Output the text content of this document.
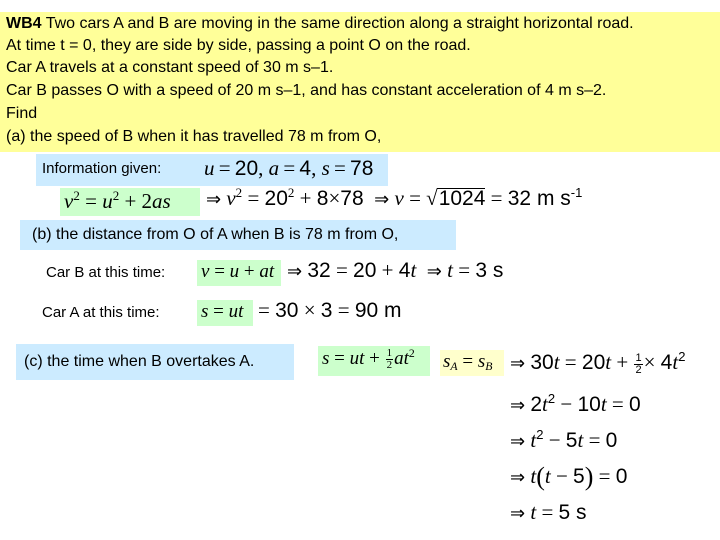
WB4 Two cars A and B are moving in the same direction along a straight horizontal road.
At time t = 0, they are side by side, passing a point O on the road.
Car A travels at a constant speed of 30 m s–1.
Car B passes O with a speed of 20 m s–1, and has constant acceleration of 4 m s–2.
Find
(a) the speed of B when it has travelled 78 m from O,
Information given: u = 20, a = 4, s = 78
$v^2 = u^2 + 2as$ ⇒ $v^2 = 20^2 + 8\times 78$ ⇒ v = √1024 = 32 m $s^{-1}$
(b) the distance from O of A when B is 78 m from O,
Car B at this time: v = u + at ⇒ 32 = 20 + 4t ⇒ t = 3 s
Car A at this time: s = ut = 30 × 3 = 90 m
(c) the time when B overtakes A.	s = ut + $\frac{1}{2} at^2$ $s_A = s_B$ ⇒ $30t = 20t + \frac{1}{2} \times 4t^2$
⇒ $2t^2 - 10t = 0$
⇒ $t^2 - 5t = 0$
⇒ t(t − 5) = 0
⇒ t = 5 s
